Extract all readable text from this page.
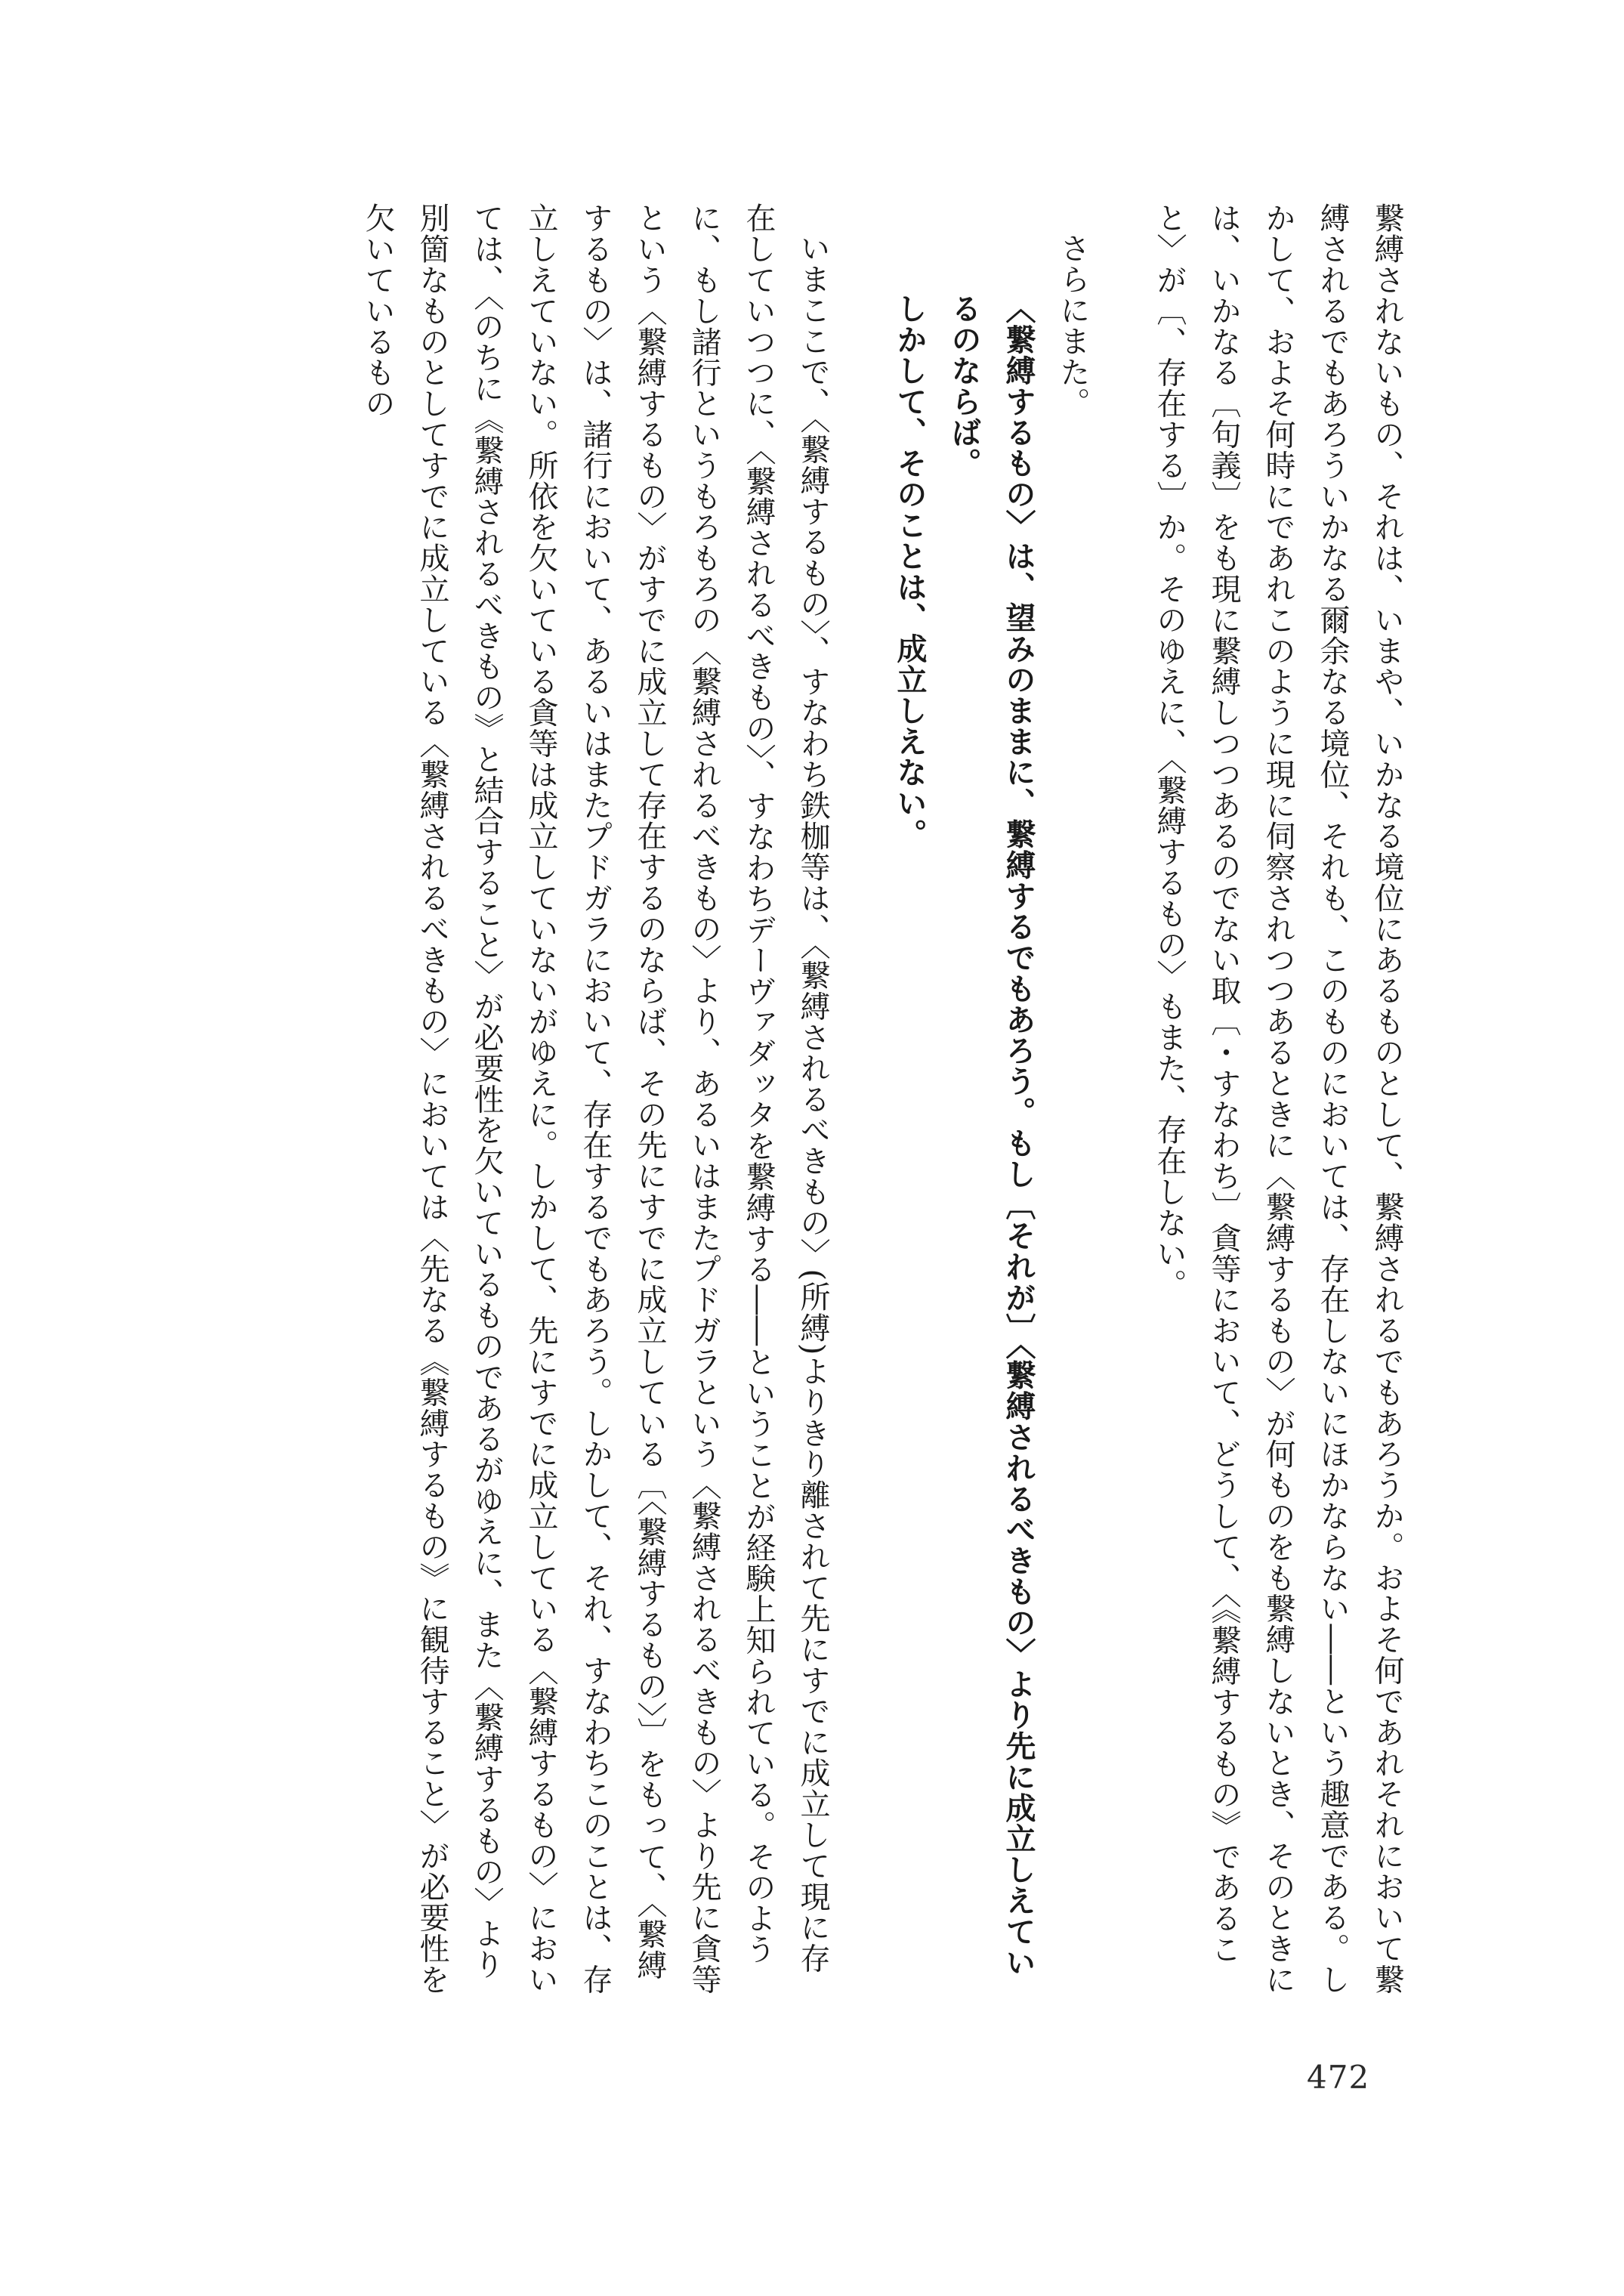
繋縛されないもの、それは、いまや、いかなる境位にあるものとして、繋縛されるでもあろうか。およそ何であれそれにおいて繋縛されるでもあろういかなる爾余なる境位、それも、このものにおいては、存在しないにほかならない――という趣意である。しかして、およそ何時にであれこのように現に伺察されつつあるときに〈繋縛するもの〉が何ものをも繋縛しないとき、そのときには、いかなる〔句義〕をも現に繋縛しつつあるのでない取〔・すなわち〕貪等において、どうして、〈《繋縛するもの》であること〉が〔、存在する〕か。そのゆえに、〈繋縛するもの〉もまた、存在しない。

さらにまた。

〈繋縛するもの〉は、望みのままに、繋縛するでもあろう。もし〔それが〕〈繋縛されるべきもの〉より先に成立しえているのならば。

しかして、そのことは、成立しえない。

いまここで、〈繋縛するもの〉、すなわち鉄枷等は、〈繋縛されるべきもの〉(所縛)よりきり離されて先にすでに成立して現に存在していつつに、〈繋縛されるべきもの〉、すなわちデーヴァダッタを繋縛する――ということが経験上知られている。そのように、もし諸行というもろもろの〈繋縛されるべきもの〉より、あるいはまたプドガラという〈繋縛されるべきもの〉より先に貪等という〈繋縛するもの〉がすでに成立して存在するのならば、その先にすでに成立している〔〈繋縛するもの〉〕をもって、〈繋縛するもの〉は、諸行において、あるいはまたプドガラにおいて、存在するでもあろう。しかして、それ、すなわちこのことは、存立しえていない。所依を欠いている貪等は成立していないがゆえに。しかして、先にすでに成立している〈繋縛するもの〉においては、〈のちに《繋縛されるべきもの》と結合すること〉が必要性を欠いているものであるがゆえに、また〈繋縛するもの〉より別箇なものとしてすでに成立している〈繋縛されるべきもの〉においては〈先なる《繋縛するもの》に観待すること〉が必要性を欠いているもの

472
